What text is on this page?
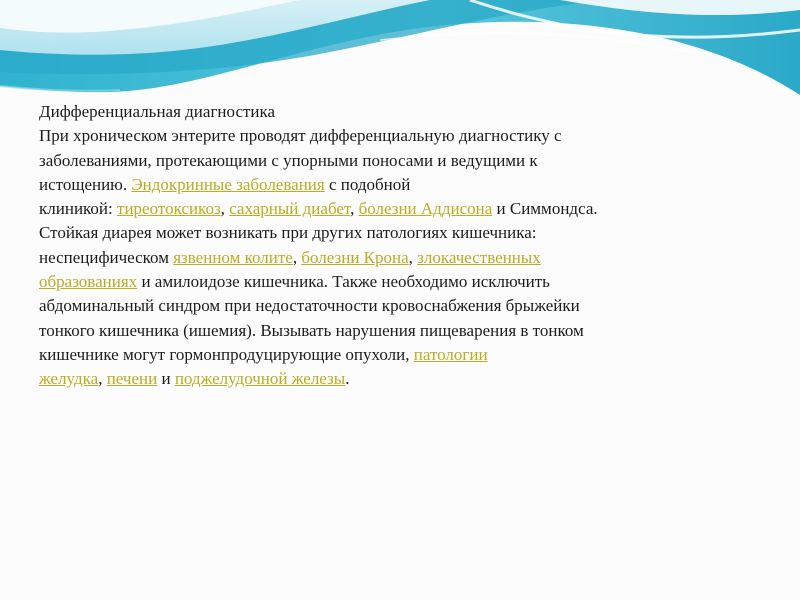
Дифференциальная диагностика
При хроническом энтерите проводят дифференциальную диагностику с
заболеваниями, протекающими с упорными поносами и ведущими к
истощению. Эндокринные заболевания с подобной
клиникой: тиреотоксикоз, сахарный диабет, болезни Аддисона и Симмондса.
Стойкая диарея может возникать при других патологиях кишечника:
неспецифическом язвенном колите, болезни Крона, злокачественных
образованиях и амилоидозе кишечника. Также необходимо исключить
абдоминальный синдром при недостаточности кровоснабжения брыжейки
тонкого кишечника (ишемия). Вызывать нарушения пищеварения в тонком
кишечнике могут гормонпродуцирующие опухоли, патологии
желудка, печени и поджелудочной железы.
